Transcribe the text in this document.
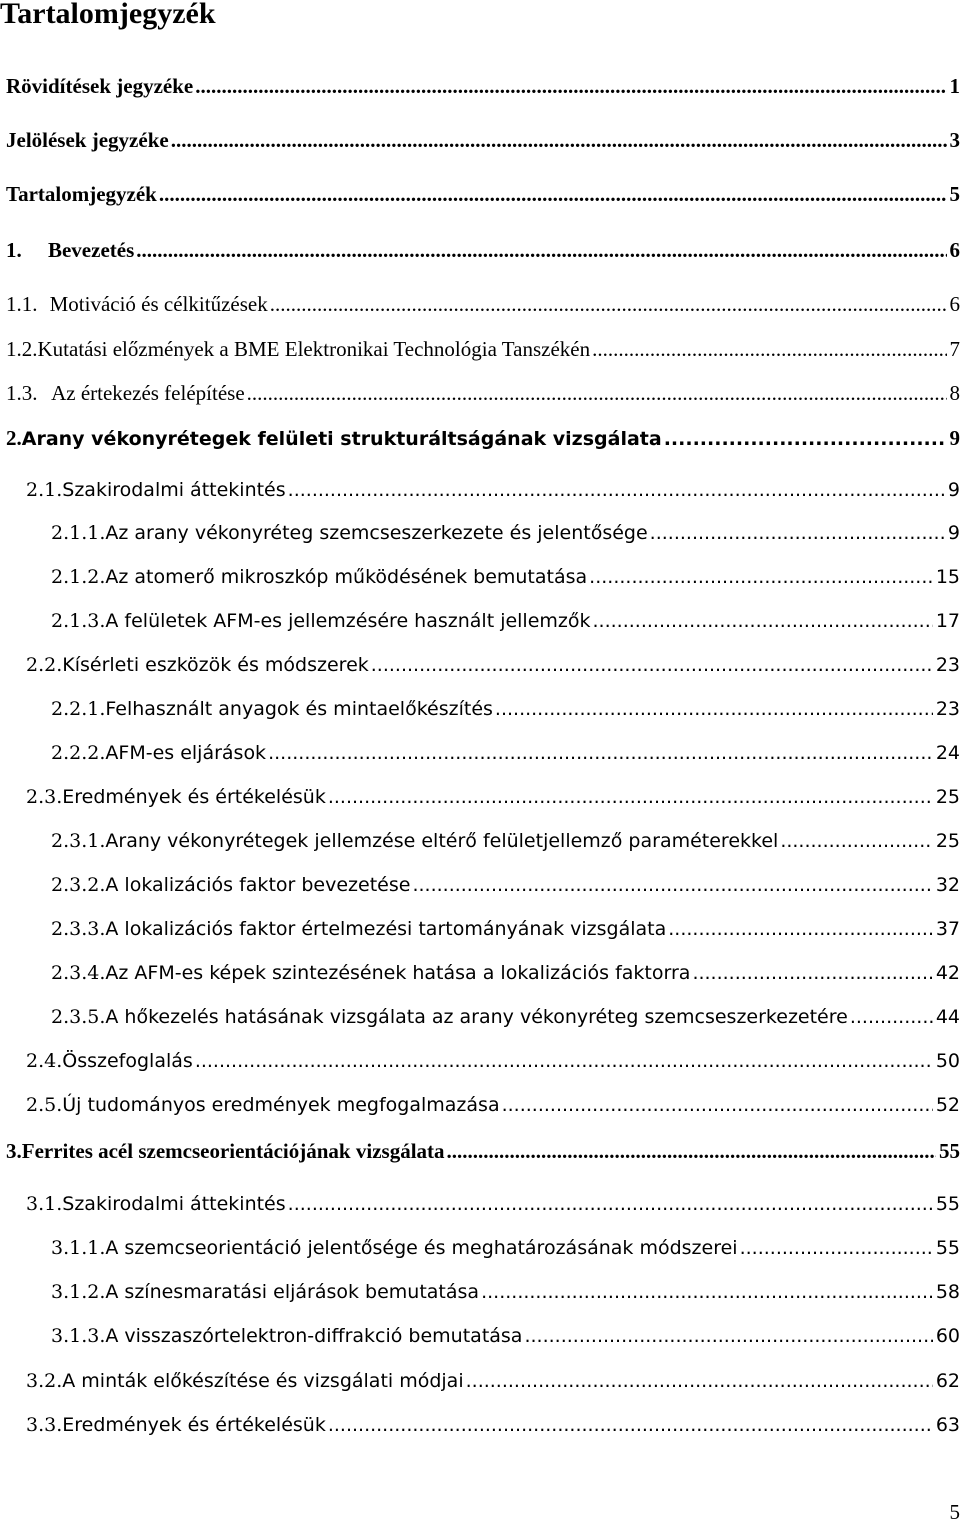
Tartalomjegyzék
Rövidítések jegyzéke .....	1
Jelölések jegyzéke .....	3
Tartalomjegyzék .....	5
1.	Bevezetés .....	6
1.1. Motiváció és célkitűzések .....	6
1.2. Kutatási előzmények a BME Elektronikai Technológia Tanszékén .....	7
1.3. Az értekezés felépítése .....	8
2. Arany vékonyrétegek felületi strukturáltságának vizsgálata .....	9
2.1. Szakirodalmi áttekintés .....	9
2.1.1. Az arany vékonyréteg szemcseszerkezete és jelentősége .....	9
2.1.2. Az atomerő mikroszkóp működésének bemutatása .....	15
2.1.3. A felületek AFM-es jellemzésére használt jellemzők .....	17
2.2. Kísérleti eszközök és módszerek .....	23
2.2.1. Felhasznált anyagok és mintaelőkészítés .....	23
2.2.2. AFM-es eljárások .....	24
2.3. Eredmények és értékelésük .....	25
2.3.1. Arany vékonyrétegek jellemzése eltérő felületjellemző paraméterekkel .....	25
2.3.2. A lokalizációs faktor bevezetése .....	32
2.3.3. A lokalizációs faktor értelmezési tartományának vizsgálata .....	37
2.3.4. Az AFM-es képek szintezésének hatása a lokalizációs faktorra .....	42
2.3.5. A hőkezelés hatásának vizsgálata az arany vékonyréteg szemcseszerkezetére .....	44
2.4. Összefoglalás .....	50
2.5. Új tudományos eredmények megfogalmazása .....	52
3. Ferrites acél szemcseorientációjának vizsgálata .....	55
3.1. Szakirodalmi áttekintés .....	55
3.1.1. A szemcseorientáció jelentősége és meghatározásának módszerei .....	55
3.1.2. A színesmaratási eljárások bemutatása .....	58
3.1.3. A visszaszórtelektron-diffrakció bemutatása .....	60
3.2. A minták előkészítése és vizsgálati módjai .....	62
3.3. Eredmények és értékelésük .....	63
5
